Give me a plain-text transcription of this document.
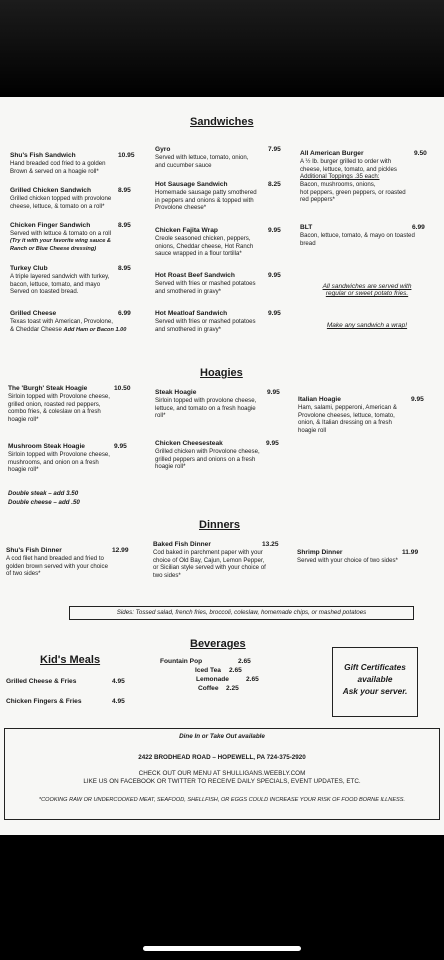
Sandwiches
Shu's Fish Sandwich	10.95
Hand breaded cod fried to a golden
Brown & served on a hoagie roll*
Grilled Chicken Sandwich	8.95
Grilled chicken topped with provolone
cheese, lettuce, & tomato on a roll*
Chicken Finger Sandwich	8.95
Served with lettuce & tomato on a roll
(Try it with your favorite wing sauce &
Ranch or Blue Cheese dressing)
Turkey Club	8.95
A triple layered sandwich with turkey,
bacon, lettuce, tomato, and mayo
Served on toasted bread.
Grilled Cheese	6.99
Texas toast with American, Provolone,
& Cheddar Cheese Add Ham or Bacon 1.00
Gyro	7.95
Served with lettuce, tomato, onion,
and cucumber sauce
Hot Sausage Sandwich	8.25
Homemade sausage patty smothered
in peppers and onions & topped with
Provolone cheese*
Chicken Fajita Wrap	9.95
Creole seasoned chicken, peppers,
onions, Cheddar cheese, Hot Ranch
sauce wrapped in a flour tortilla*
Hot Roast Beef Sandwich	9.95
Served with fries or mashed potatoes
and smothered in gravy*
Hot Meatloaf Sandwich	9.95
Served with fries or mashed potatoes
and smothered in gravy*
All American Burger	9.50
A ½ lb. burger grilled to order with
cheese, lettuce, tomato, and pickles
Additional Toppings .35 each:
Bacon, mushrooms, onions,
hot peppers, green peppers, or roasted
red peppers*
BLT	6.99
Bacon, lettuce, tomato, & mayo on toasted
bread
All sandwiches are served with
regular or sweet potato fries.
Make any sandwich a wrap!
Hoagies
The 'Burgh' Steak Hoagie	10.50
Sirloin topped with Provolone cheese,
grilled onion, roasted red peppers,
combo fries, & coleslaw on a fresh
hoagie roll*
Mushroom Steak Hoagie	9.95
Sirloin topped with Provolone cheese,
mushrooms, and onion on a fresh
hoagie roll*
Double steak – add 3.50
Double cheese – add .50
Steak Hoagie	9.95
Sirloin topped with provolone cheese,
lettuce, and tomato on a fresh hoagie
roll*
Chicken Cheesesteak	9.95
Grilled chicken with Provolone cheese,
grilled peppers and onions on a fresh
hoagie roll*
Italian Hoagie	9.95
Ham, salami, pepperoni, American &
Provolone cheeses, lettuce, tomato,
onion, & Italian dressing on a fresh
hoagie roll
Dinners
Shu's Fish Dinner	12.99
A cod filet hand breaded and fried to
golden brown served with your choice
of two sides*
Baked Fish Dinner	13.25
Cod baked in parchment paper with your
choice of Old Bay, Cajun, Lemon Pepper,
or Sicilian style served with your choice of
two sides*
Shrimp Dinner	11.99
Served with your choice of two sides*
Sides: Tossed salad, french fries, broccoli, coleslaw, homemade chips, or mashed potatoes
Kid's Meals
Grilled Cheese & Fries	4.95
Chicken Fingers & Fries	4.95
Beverages
Fountain Pop	2.65
Iced Tea 2.65
Lemonade	2.65
Coffee 2.25
Gift Certificates
available
Ask your server.
Dine In or Take Out available
2422 BRODHEAD ROAD – HOPEWELL, PA 724-375-2920
CHECK OUT OUR MENU AT SHULLIGANS.WEEBLY.COM
LIKE US ON FACEBOOK OR TWITTER TO RECEIVE DAILY SPECIALS, EVENT UPDATES, ETC.
*COOKING RAW OR UNDERCOOKED MEAT, SEAFOOD, SHELLFISH, OR EGGS COULD INCREASE YOUR RISK OF FOOD BORNE ILLNESS.
